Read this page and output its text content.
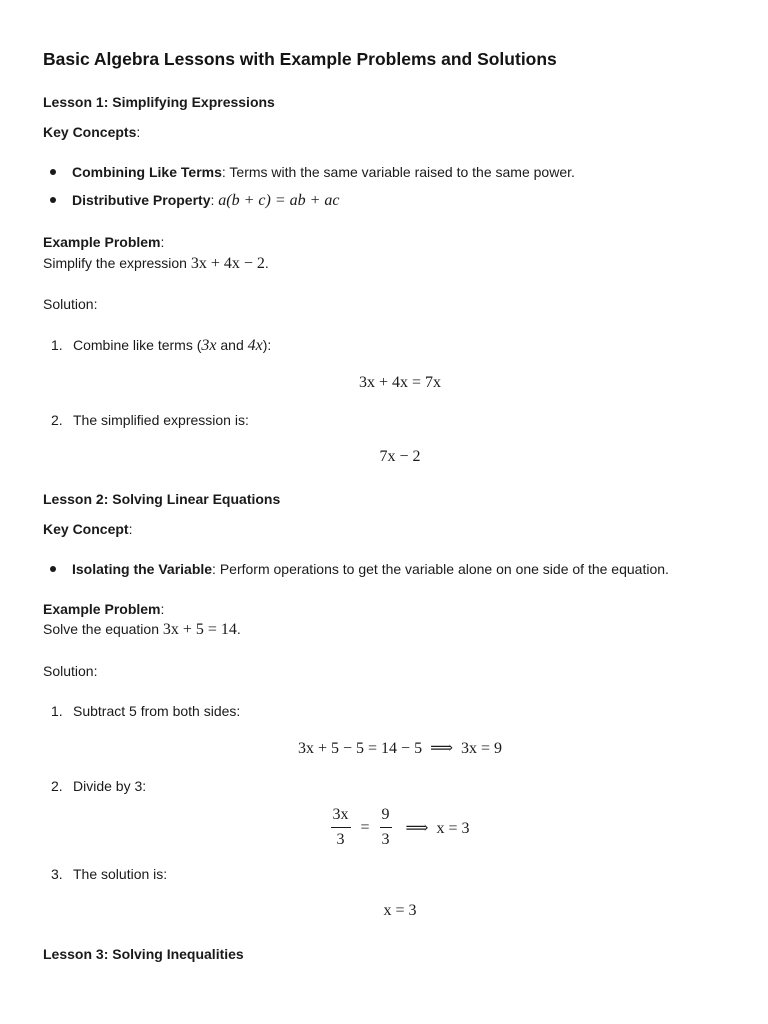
Basic Algebra Lessons with Example Problems and Solutions
Lesson 1: Simplifying Expressions
Key Concepts:
Combining Like Terms: Terms with the same variable raised to the same power.
Distributive Property: a(b + c) = ab + ac
Example Problem:
Simplify the expression 3x + 4x − 2.
Solution:
1. Combine like terms (3x and 4x):
3x + 4x = 7x
2. The simplified expression is:
7x − 2
Lesson 2: Solving Linear Equations
Key Concept:
Isolating the Variable: Perform operations to get the variable alone on one side of the equation.
Example Problem:
Solve the equation 3x + 5 = 14.
Solution:
1. Subtract 5 from both sides:
3x + 5 − 5 = 14 − 5  ⟹  3x = 9
2. Divide by 3:
$\frac{3x}{3} = \frac{9}{3}$ ⟹  x = 3
3. The solution is:
x = 3
Lesson 3: Solving Inequalities
